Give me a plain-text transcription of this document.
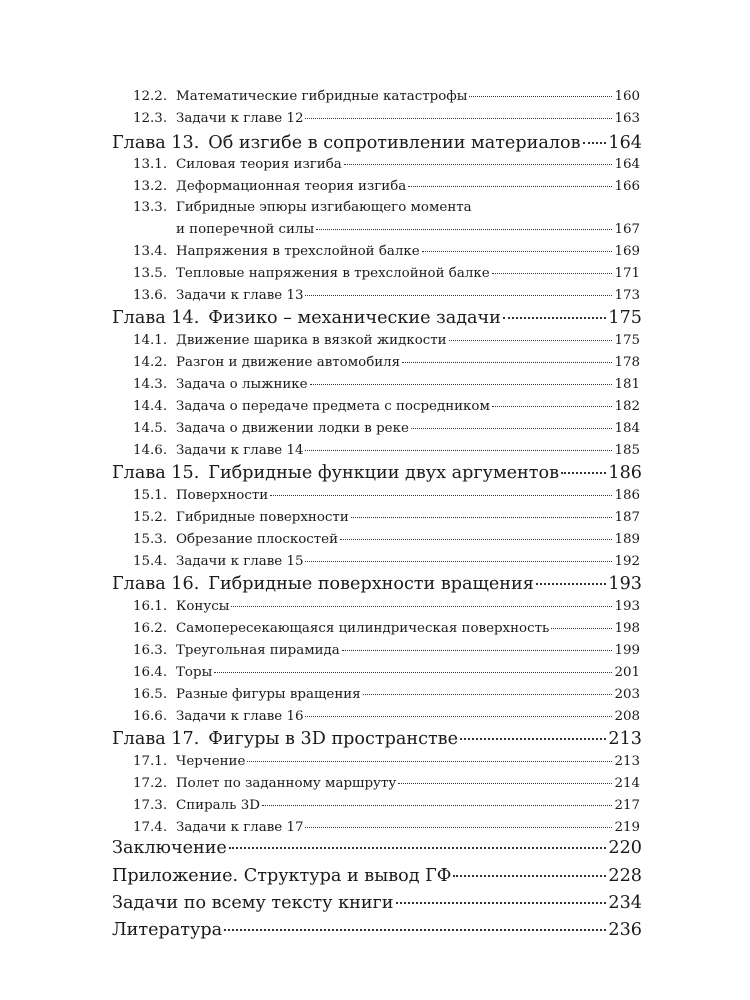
12.2. Математические гибридные катастрофы	160
12.3. Задачи к главе 12	163
Глава 13. Об изгибе в сопротивлении материалов 164
13.1. Силовая теория изгиба	164
13.2. Деформационная теория изгиба	166
13.3. Гибридные эпюры изгибающего момента
и поперечной силы	167
13.4. Напряжения в трехслойной балке	169
13.5. Тепловые напряжения в трехслойной балке	171
13.6. Задачи к главе 13	173
Глава 14. Физико – механические задачи	175
14.1. Движение шарика в вязкой жидкости	175
14.2. Разгон и движение автомобиля	178
14.3. Задача о лыжнике	181
14.4. Задача о передаче предмета с посредником	182
14.5. Задача о движении лодки в реке	184
14.6. Задачи к главе 14	185
Глава 15. Гибридные функции двух аргументов	186
15.1. Поверхности	186
15.2. Гибридные поверхности	187
15.3. Обрезание плоскостей	189
15.4. Задачи к главе 15	192
Глава 16. Гибридные поверхности вращения	193
16.1. Конусы	193
16.2. Самопересекающаяся цилиндрическая поверхность	198
16.3. Треугольная пирамида	199
16.4. Торы	201
16.5. Разные фигуры вращения	203
16.6. Задачи к главе 16	208
Глава 17. Фигуры в 3D пространстве	213
17.1. Черчение	213
17.2. Полет по заданному маршруту	214
17.3. Спираль 3D	217
17.4. Задачи к главе 17	219
Заключение	220
Приложение. Структура и вывод ГФ	228
Задачи по всему тексту книги	234
Литература	236
